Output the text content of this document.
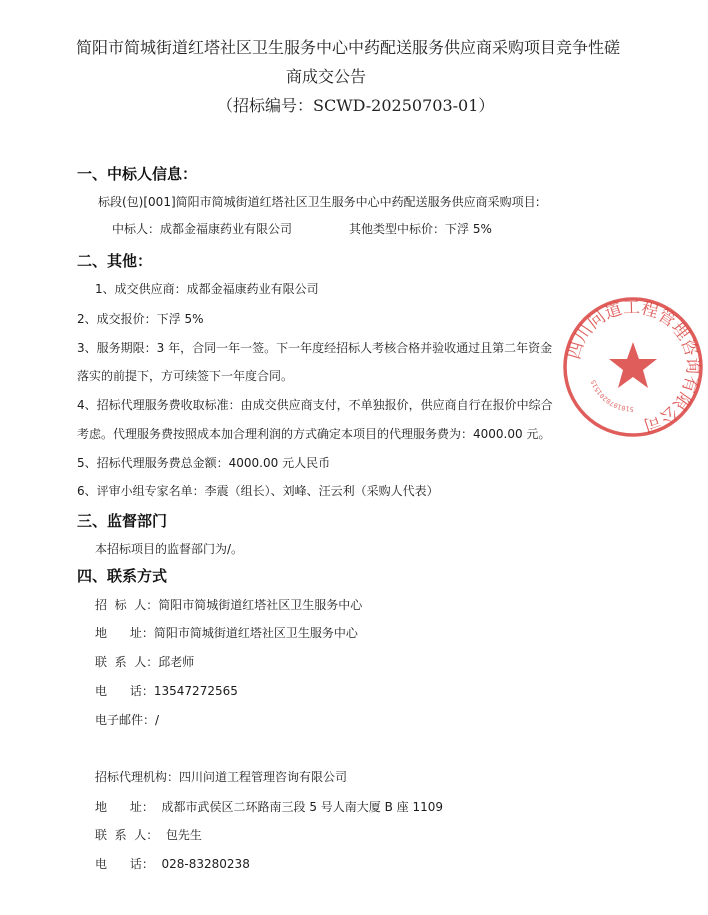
简阳市简城街道红塔社区卫生服务中心中药配送服务供应商采购项目竞争性磋
商成交公告
（招标编号：SCWD-20250703-01）
一、中标人信息：
标段(包)[001]简阳市简城街道红塔社区卫生服务中心中药配送服务供应商采购项目:
中标人：成都金福康药业有限公司	其他类型中标价：下浮 5%
二、其他：
1、成交供应商：成都金福康药业有限公司
2、成交报价：下浮 5%
3、服务期限：3 年，合同一年一签。下一年度经招标人考核合格并验收通过且第二年资金
落实的前提下，方可续签下一年度合同。
4、招标代理服务费收取标准：由成交供应商支付，不单独报价，供应商自行在报价中综合
考虑。代理服务费按照成本加合理利润的方式确定本项目的代理服务费为：4000.00 元。
5、招标代理服务费总金额：4000.00 元人民币
6、评审小组专家名单：李震（组长）、刘峰、汪云利（采购人代表）
三、监督部门
本招标项目的监督部门为/。
四、联系方式
招  标  人：简阳市简城街道红塔社区卫生服务中心
地      址：简阳市简城街道红塔社区卫生服务中心
联  系  人：邱老师
电      话：13547272565
电子邮件：/
招标代理机构：四川问道工程管理咨询有限公司
地      址：  成都市武侯区二环路南三段 5 号人南大厦 B 座 1109
联  系  人：  包先生
电      话：  028-83280238
四川问道工程管理咨询有限公司
5101070201515
